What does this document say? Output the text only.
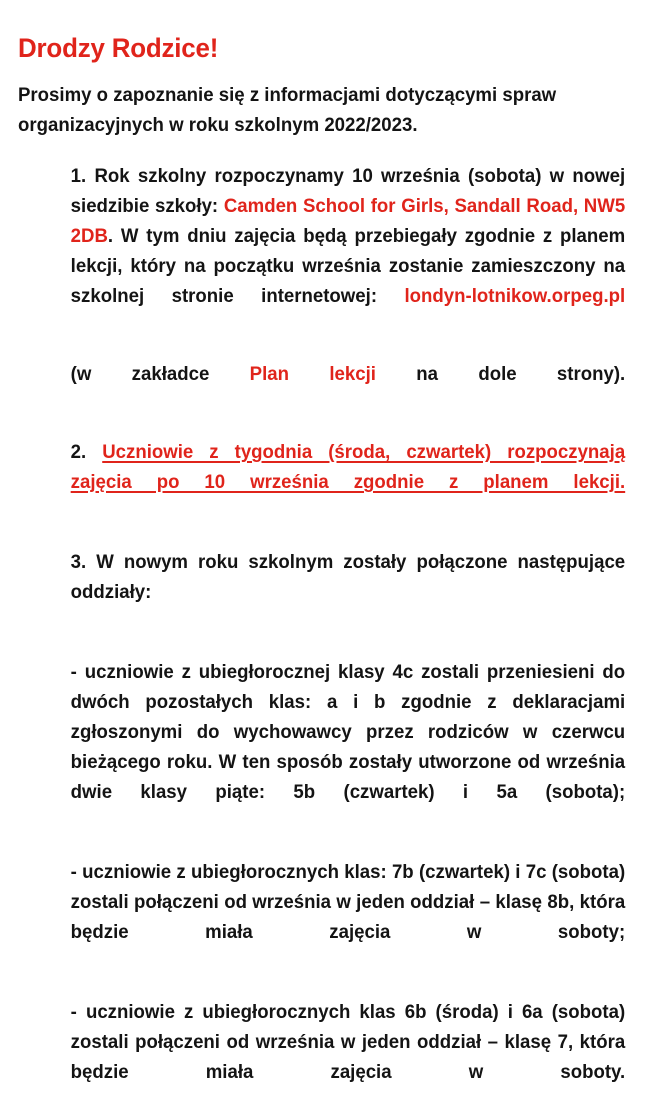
Drodzy Rodzice!

Prosimy o zapoznanie się z informacjami dotyczącymi spraw
organizacyjnych w roku szkolnym 2022/2023.

1. Rok szkolny rozpoczynamy 10 września (sobota) w nowej siedzibie szkoły: Camden School for Girls, Sandall Road, NW5 2DB. W tym dniu zajęcia będą przebiegały zgodnie z planem lekcji, który na początku września zostanie zamieszczony na szkolnej stronie internetowej: londyn-lotnikow.orpeg.pl

(w zakładce Plan lekcji na dole strony).

2. Uczniowie z tygodnia (środa, czwartek) rozpoczynają zajęcia po 10 września zgodnie z planem lekcji.

3. W nowym roku szkolnym zostały połączone następujące oddziały:

- uczniowie z ubiegłorocznej klasy 4c zostali przeniesieni do dwóch pozostałych klas: a i b zgodnie z deklaracjami zgłoszonymi do wychowawcy przez rodziców w czerwcu bieżącego roku. W ten sposób zostały utworzone od września dwie klasy piąte: 5b (czwartek) i 5a (sobota);

- uczniowie z ubiegłorocznych klas: 7b (czwartek) i 7c (sobota) zostali połączeni od września w jeden oddział – klasę 8b, która będzie miała zajęcia w soboty;

- uczniowie z ubiegłorocznych klas 6b (środa) i 6a (sobota) zostali połączeni od września w jeden oddział – klasę 7, która będzie miała zajęcia w soboty.
